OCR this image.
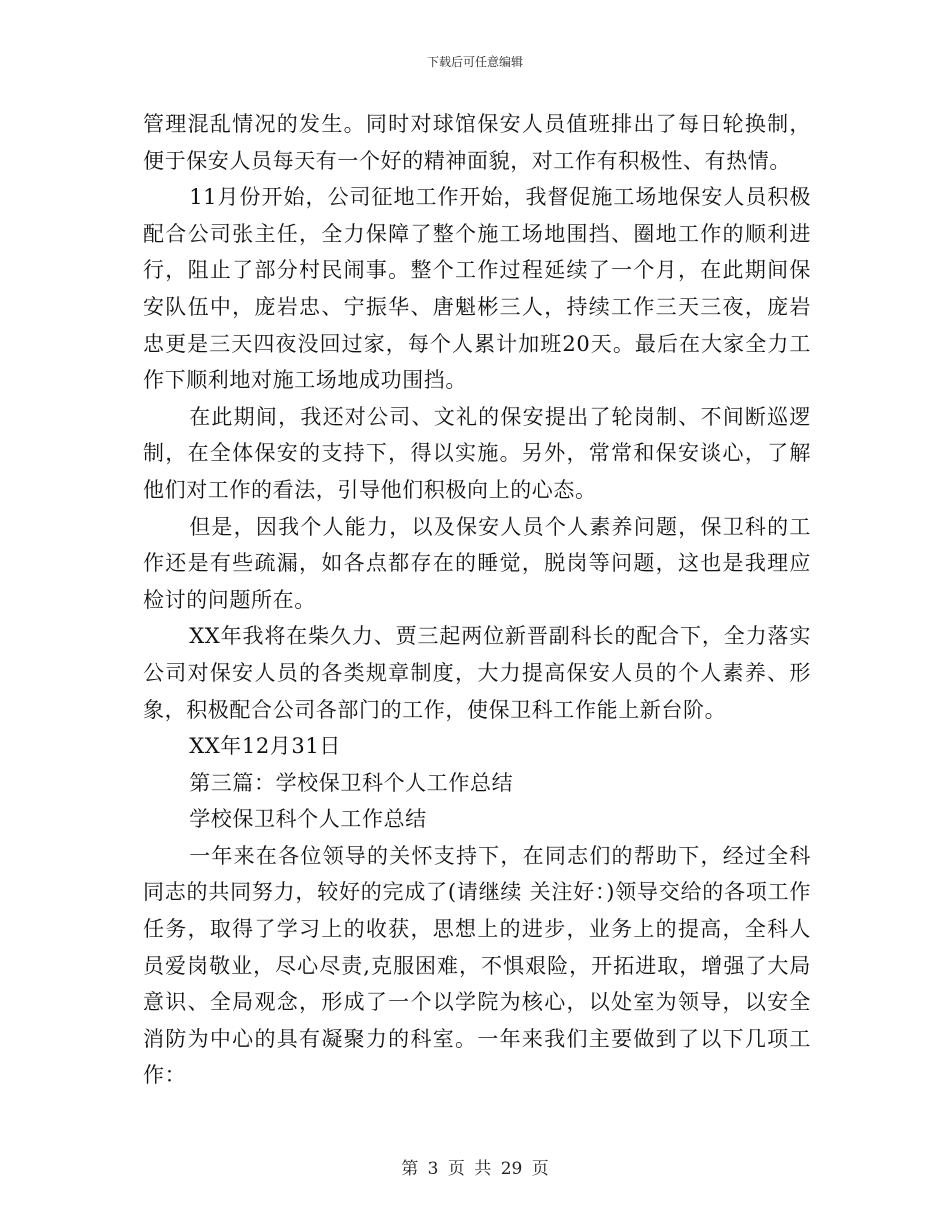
下载后可任意编辑

管理混乱情况的发生。同时对球馆保安人员值班排出了每日轮换制，便于保安人员每天有一个好的精神面貌，对工作有积极性、有热情。

11月份开始，公司征地工作开始，我督促施工场地保安人员积极配合公司张主任，全力保障了整个施工场地围挡、圈地工作的顺利进行，阻止了部分村民闹事。整个工作过程延续了一个月，在此期间保安队伍中，庞岩忠、宁振华、唐魁彬三人，持续工作三天三夜，庞岩忠更是三天四夜没回过家，每个人累计加班20天。最后在大家全力工作下顺利地对施工场地成功围挡。

在此期间，我还对公司、文礼的保安提出了轮岗制、不间断巡逻制，在全体保安的支持下，得以实施。另外，常常和保安谈心，了解他们对工作的看法，引导他们积极向上的心态。

但是，因我个人能力，以及保安人员个人素养问题，保卫科的工作还是有些疏漏，如各点都存在的睡觉，脱岗等问题，这也是我理应检讨的问题所在。

XX年我将在柴久力、贾三起两位新晋副科长的配合下，全力落实公司对保安人员的各类规章制度，大力提高保安人员的个人素养、形象，积极配合公司各部门的工作，使保卫科工作能上新台阶。

XX年12月31日

第三篇：学校保卫科个人工作总结

学校保卫科个人工作总结

一年来在各位领导的关怀支持下，在同志们的帮助下，经过全科同志的共同努力，较好的完成了(请继续 关注好：)领导交给的各项工作任务，取得了学习上的收获，思想上的进步，业务上的提高，全科人员爱岗敬业，尽心尽责,克服困难，不惧艰险，开拓进取，增强了大局意识、全局观念，形成了一个以学院为核心，以处室为领导，以安全消防为中心的具有凝聚力的科室。一年来我们主要做到了以下几项工作：

第 3 页 共 29 页
